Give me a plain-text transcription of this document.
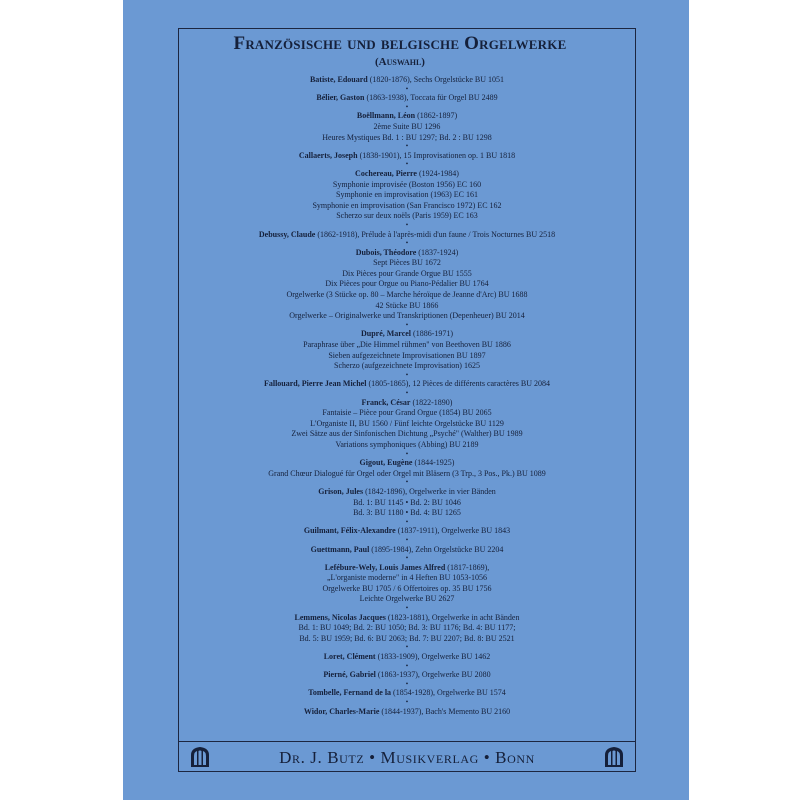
Französische und belgische Orgelwerke
(Auswahl)
Batiste, Edouard (1820-1876), Sechs Orgelstücke BU 1051
•
Bélier, Gaston (1863-1938), Toccata für Orgel BU 2489
•
Boëllmann, Léon (1862-1897)
2ème Suite BU 1296
Heures Mystiques Bd. 1 : BU 1297; Bd. 2 : BU 1298
•
Callaerts, Joseph (1838-1901), 15 Improvisationen op. 1 BU 1818
•
Cochereau, Pierre (1924-1984)
Symphonie improvisée (Boston 1956) EC 160
Symphonie en improvisation (1963) EC 161
Symphonie en improvisation (San Francisco 1972) EC 162
Scherzo sur deux noëls (Paris 1959) EC 163
•
Debussy, Claude (1862-1918), Prélude à l'après-midi d'un faune / Trois Nocturnes BU 2518
•
Dubois, Théodore (1837-1924)
Sept Pièces BU 1672
Dix Pièces pour Grande Orgue BU 1555
Dix Pièces pour Orgue ou Piano-Pédalier BU 1764
Orgelwerke (3 Stücke op. 80 – Marche héroïque de Jeanne d'Arc) BU 1688
42 Stücke BU 1866
Orgelwerke – Originalwerke und Transkriptionen (Depenheuer) BU 2014
•
Dupré, Marcel (1886-1971)
Paraphrase über „Die Himmel rühmen" von Beethoven BU 1886
Sieben aufgezeichnete Improvisationen BU 1897
Scherzo (aufgezeichnete Improvisation) 1625
•
Fallouard, Pierre Jean Michel (1805-1865), 12 Pièces de différents caractères BU 2084
•
Franck, César (1822-1890)
Fantaisie – Pièce pour Grand Orgue (1854) BU 2065
L'Organiste II, BU 1560 / Fünf leichte Orgelstücke BU 1129
Zwei Sätze aus der Sinfonischen Dichtung „Psyché" (Walther) BU 1989
Variations symphoniques (Abbing) BU 2189
•
Gigout, Eugène (1844-1925)
Grand Chœur Dialogué für Orgel oder Orgel mit Bläsern (3 Trp., 3 Pos., Pk.) BU 1089
•
Grison, Jules (1842-1896), Orgelwerke in vier Bänden
Bd. 1: BU 1145 • Bd. 2: BU 1046
Bd. 3: BU 1180 • Bd. 4: BU 1265
•
Guilmant, Félix-Alexandre (1837-1911), Orgelwerke BU 1843
•
Guettmann, Paul (1895-1984), Zehn Orgelstücke BU 2204
•
Lefébure-Wely, Louis James Alfred (1817-1869),
„L'organiste moderne" in 4 Heften BU 1053-1056
Orgelwerke BU 1705 / 6 Offertoires op. 35 BU 1756
Leichte Orgelwerke BU 2627
•
Lemmens, Nicolas Jacques (1823-1881), Orgelwerke in acht Bänden
Bd. 1: BU 1049; Bd. 2: BU 1050; Bd. 3: BU 1176; Bd. 4: BU 1177;
Bd. 5: BU 1959; Bd. 6: BU 2063; Bd. 7: BU 2207; Bd. 8: BU 2521
•
Loret, Clément (1833-1909), Orgelwerke BU 1462
•
Pierné, Gabriel (1863-1937), Orgelwerke BU 2080
•
Tombelle, Fernand de la (1854-1928), Orgelwerke BU 1574
•
Widor, Charles-Marie (1844-1937), Bach's Memento BU 2160
Dr. J. Butz • Musikverlag • Bonn
